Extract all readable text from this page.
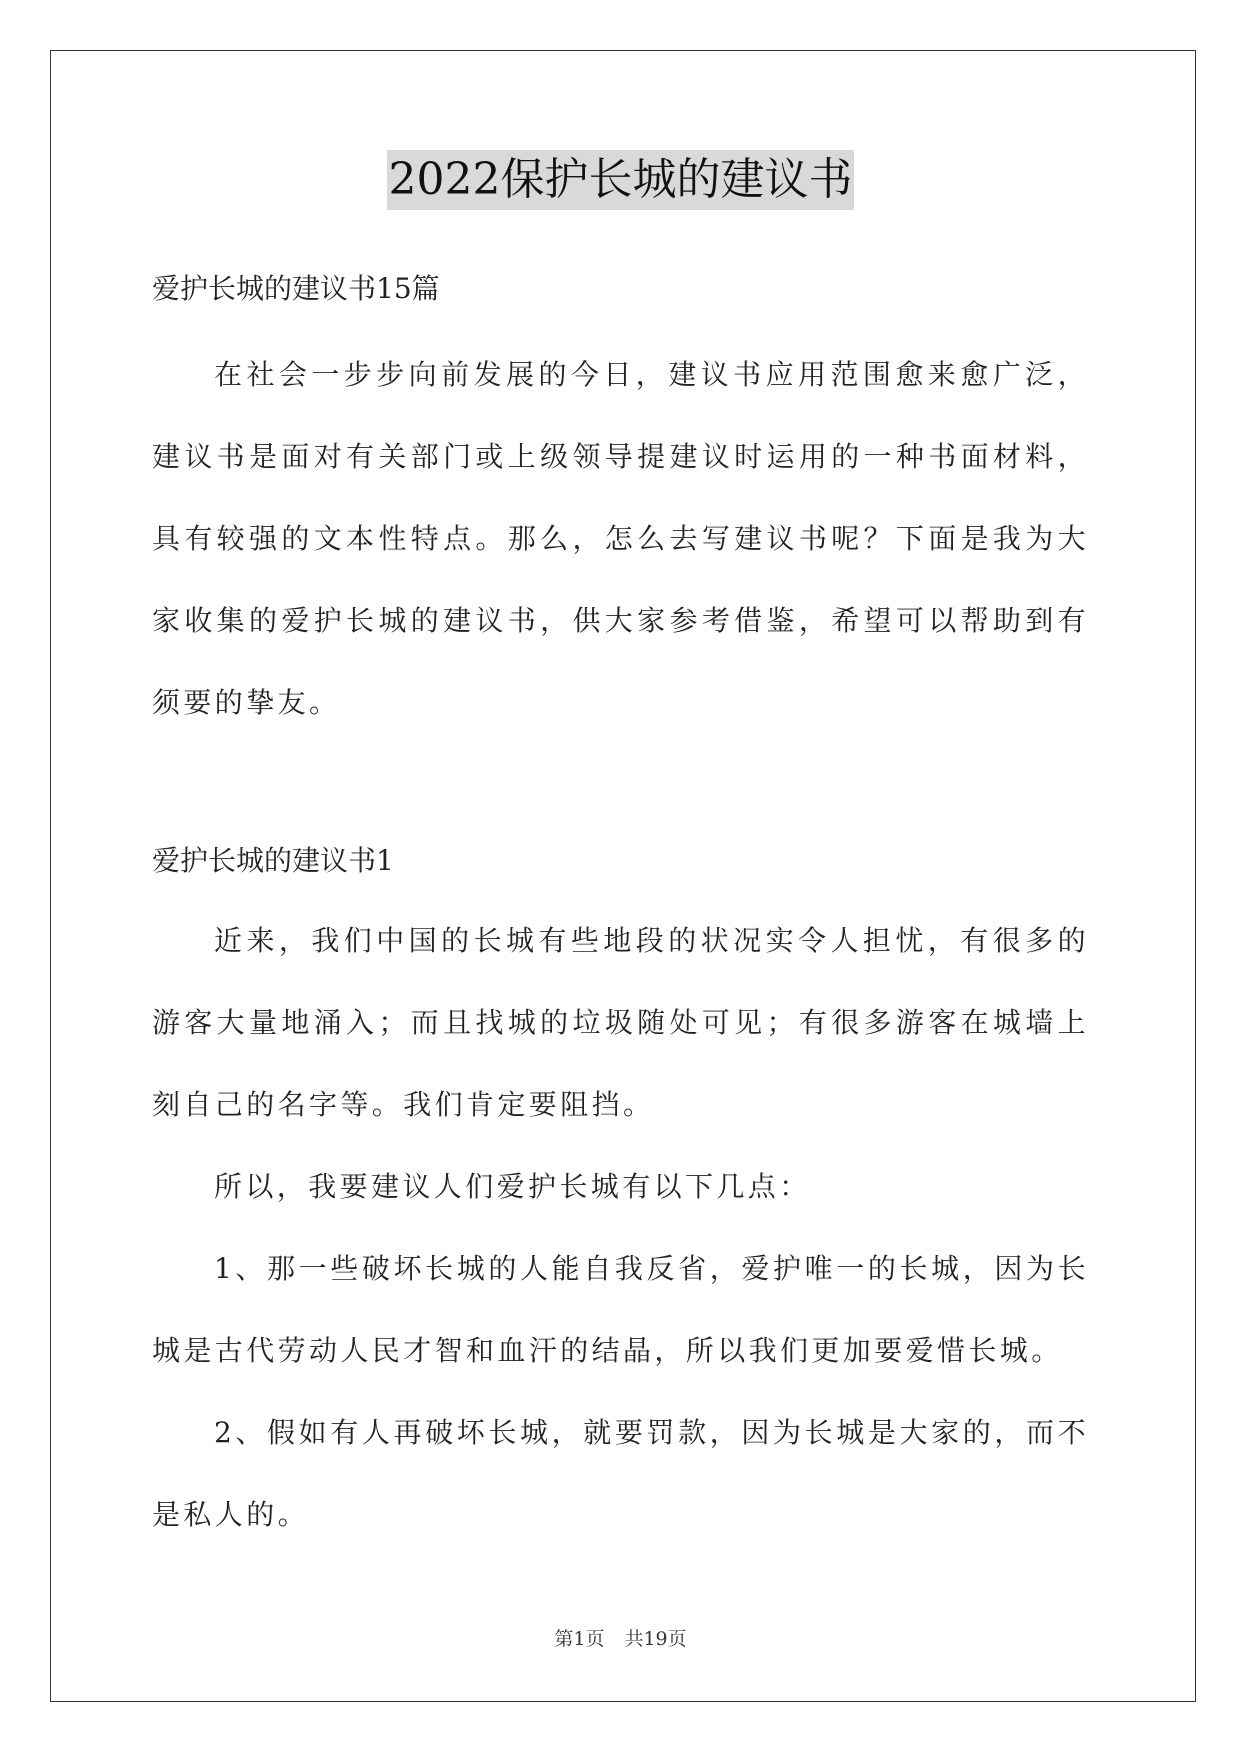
2022保护长城的建议书

爱护长城的建议书15篇

在社会一步步向前发展的今日，建议书应用范围愈来愈广泛，建议书是面对有关部门或上级领导提建议时运用的一种书面材料，具有较强的文本性特点。那么，怎么去写建议书呢？下面是我为大家收集的爱护长城的建议书，供大家参考借鉴，希望可以帮助到有须要的挚友。

爱护长城的建议书1

近来，我们中国的长城有些地段的状况实令人担忧，有很多的游客大量地涌入；而且找城的垃圾随处可见；有很多游客在城墙上刻自己的名字等。我们肯定要阻挡。

所以，我要建议人们爱护长城有以下几点：

1、那一些破坏长城的人能自我反省，爱护唯一的长城，因为长城是古代劳动人民才智和血汗的结晶，所以我们更加要爱惜长城。

2、假如有人再破坏长城，就要罚款，因为长城是大家的，而不是私人的。

第1页 共19页
